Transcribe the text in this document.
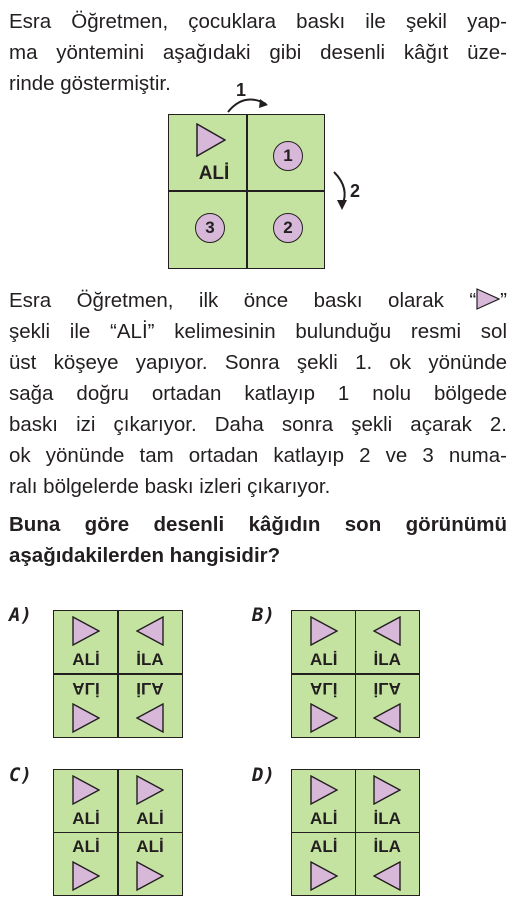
Esra Öğretmen, çocuklara baskı ile şekil yap-
ma yöntemini aşağıdaki gibi desenli kâğıt üze-
rinde göstermiştir.	1
2
ALİ
1
2
3
Esra Öğretmen, ilk önce baskı olarak “ ”
şekli ile “ALİ” kelimesinin bulunduğu resmi sol
üst köşeye yapıyor. Sonra şekli 1. ok yönünde
sağa doğru ortadan katlayıp 1 nolu bölgede
baskı izi çıkarıyor. Daha sonra şekli açarak 2.
ok yönünde tam ortadan katlayıp 2 ve 3 numa-
ralı bölgelerde baskı izleri çıkarıyor.
Buna göre desenli kâğıdın son görünümü
aşağıdakilerden hangisidir?
A)
ALİ	İLA
ALİ	İLA
B)
ALİ	İLA
ALİ	İLA
C)
ALİ	ALİ
ALİ	ALİ
D)
ALİ	İLA
ALİ	İLA
